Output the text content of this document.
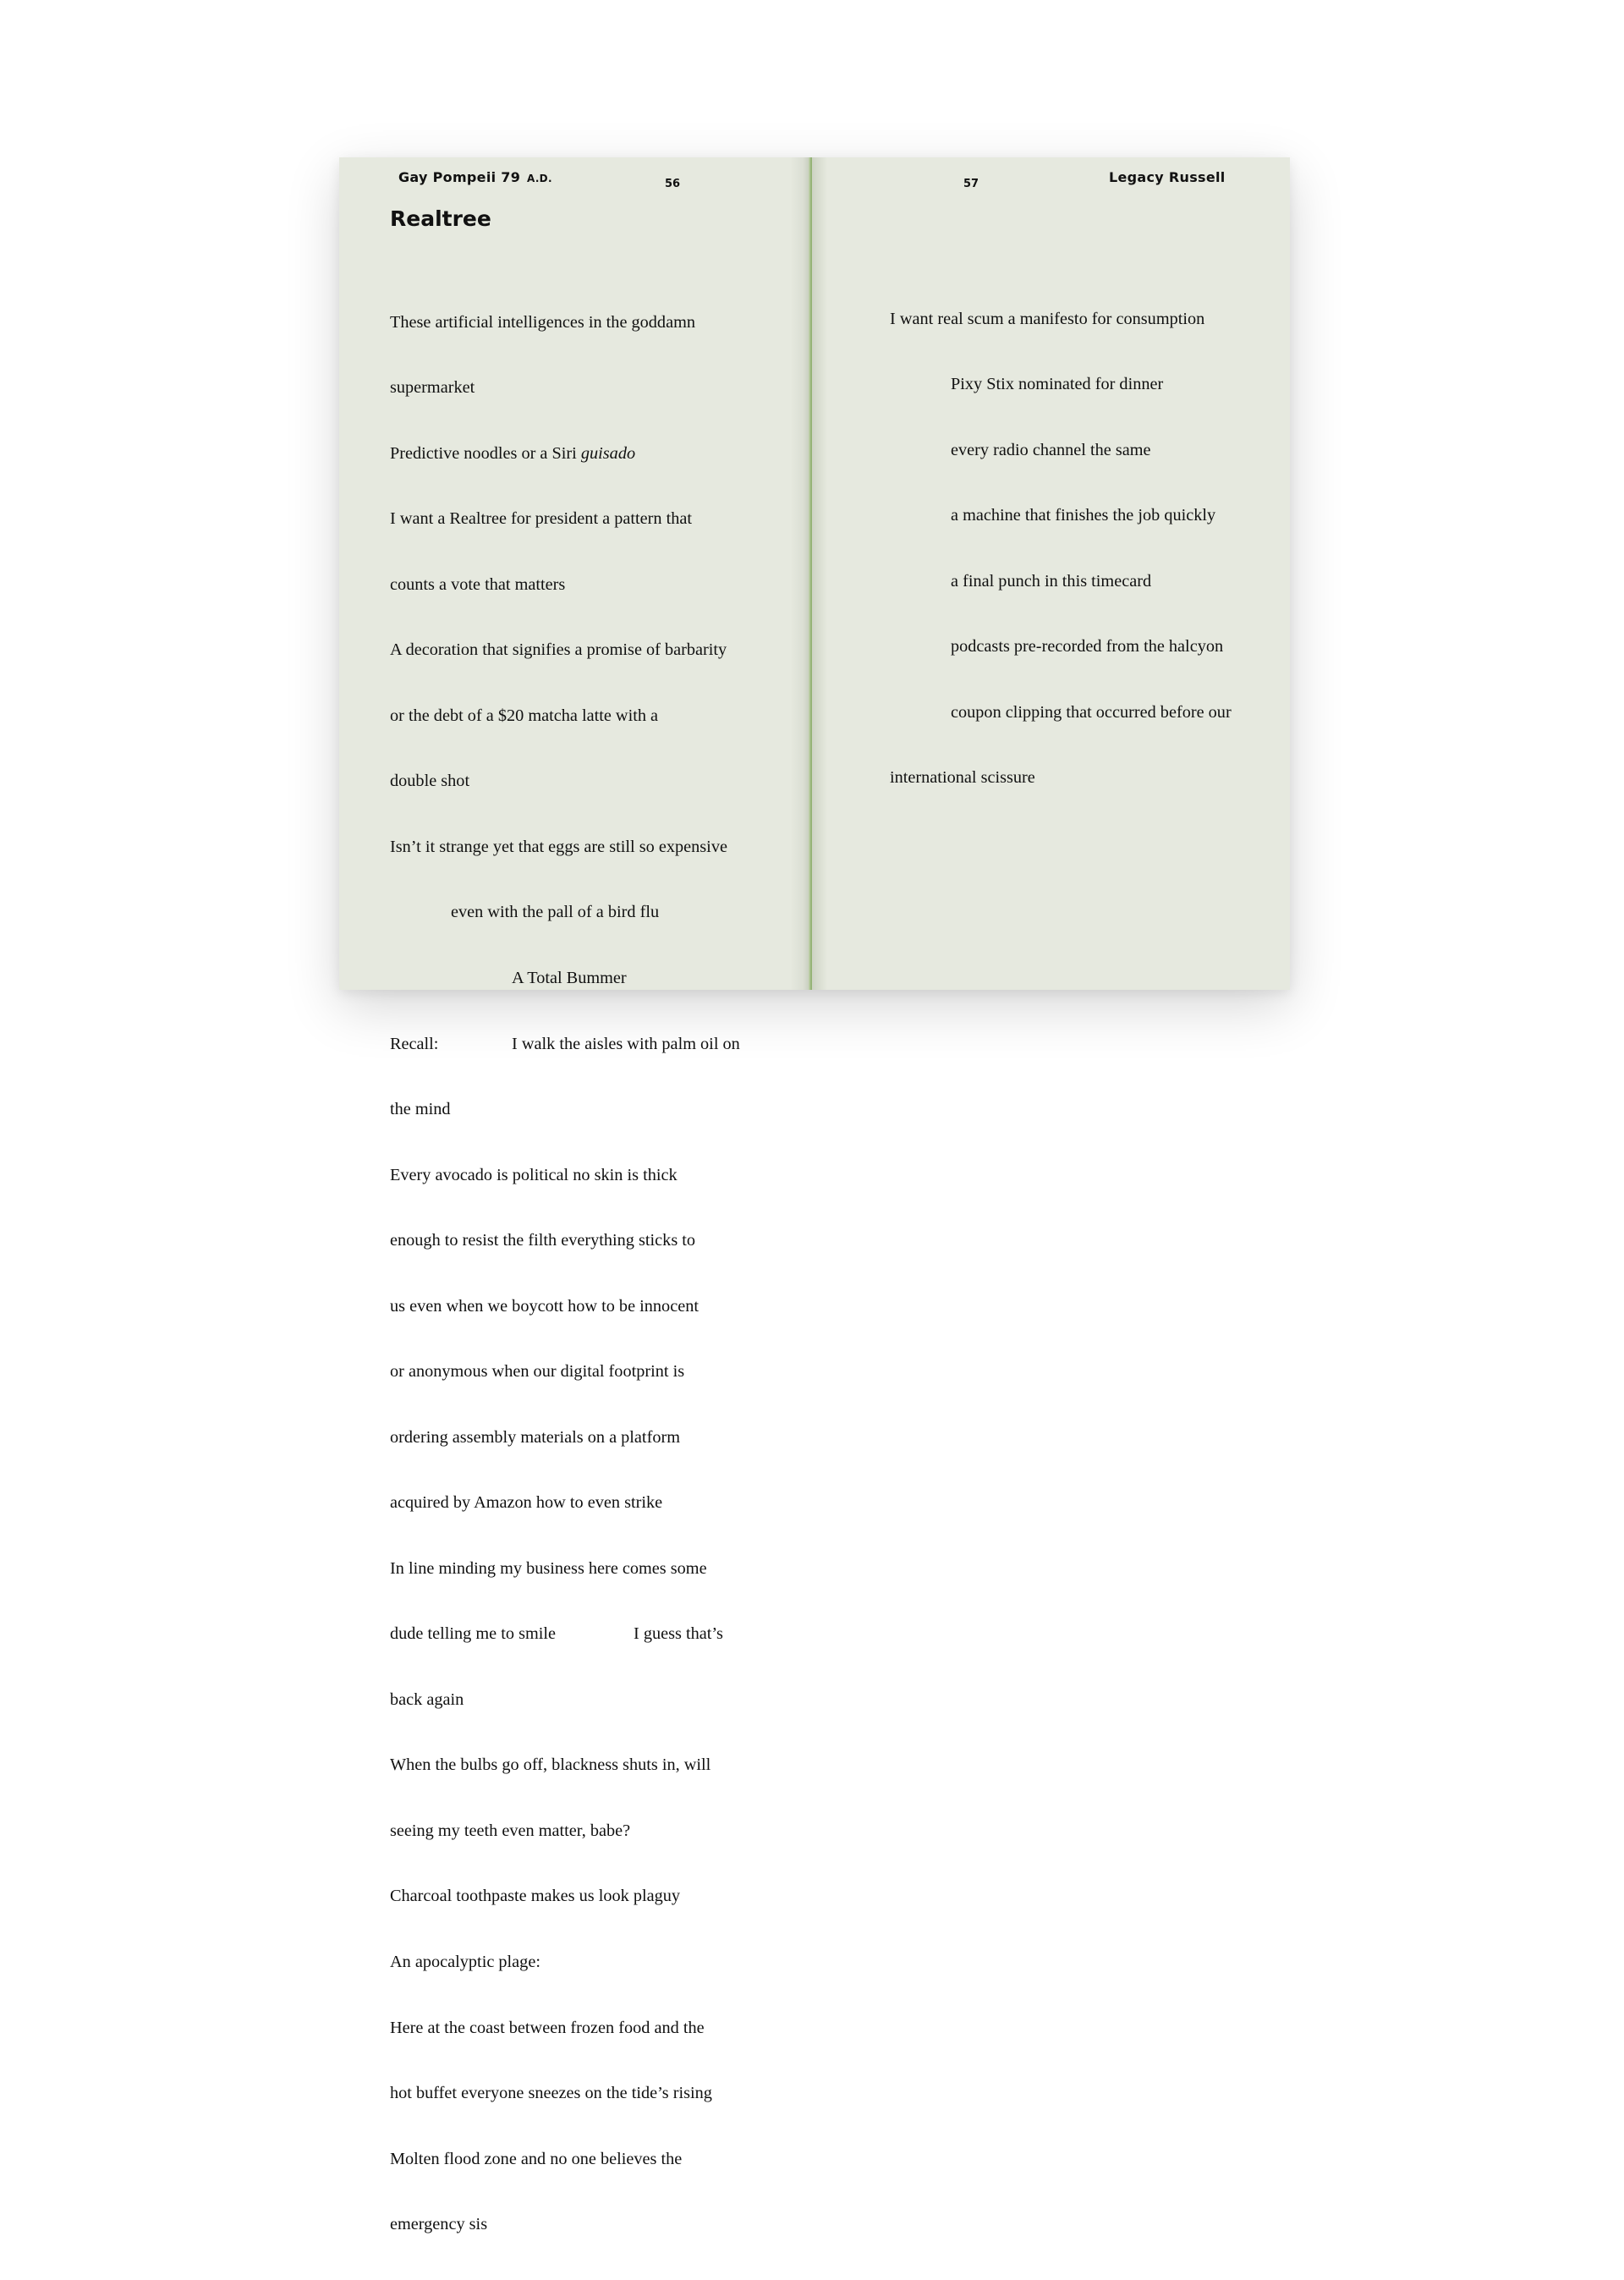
Gay Pompeii 79 A.D.	56
Realtree

These artificial intelligences in the goddamn

supermarket

Predictive noodles or a Siri guisado

I want a Realtree for president a pattern that

counts a vote that matters

A decoration that signifies a promise of barbarity

or the debt of a $20 matcha latte with a

double shot

Isn’t it strange yet that eggs are still so expensive

even with the pall of a bird flu

A Total Bummer

Recall:	I walk the aisles with palm oil on

the mind

Every avocado is political no skin is thick

enough to resist the filth everything sticks to

us even when we boycott how to be innocent

or anonymous when our digital footprint is

ordering assembly materials on a platform

acquired by Amazon how to even strike

In line minding my business here comes some

dude telling me to smile	I guess that’s

back again

When the bulbs go off, blackness shuts in, will

seeing my teeth even matter, babe?

Charcoal toothpaste makes us look plaguy

An apocalyptic plage:

Here at the coast between frozen food and the

hot buffet everyone sneezes on the tide’s rising

Molten flood zone and no one believes the

emergency sis

57	Legacy Russell

I want real scum a manifesto for consumption

Pixy Stix nominated for dinner

every radio channel the same

a machine that finishes the job quickly

a final punch in this timecard

podcasts pre-recorded from the halcyon

coupon clipping that occurred before our

international scissure
